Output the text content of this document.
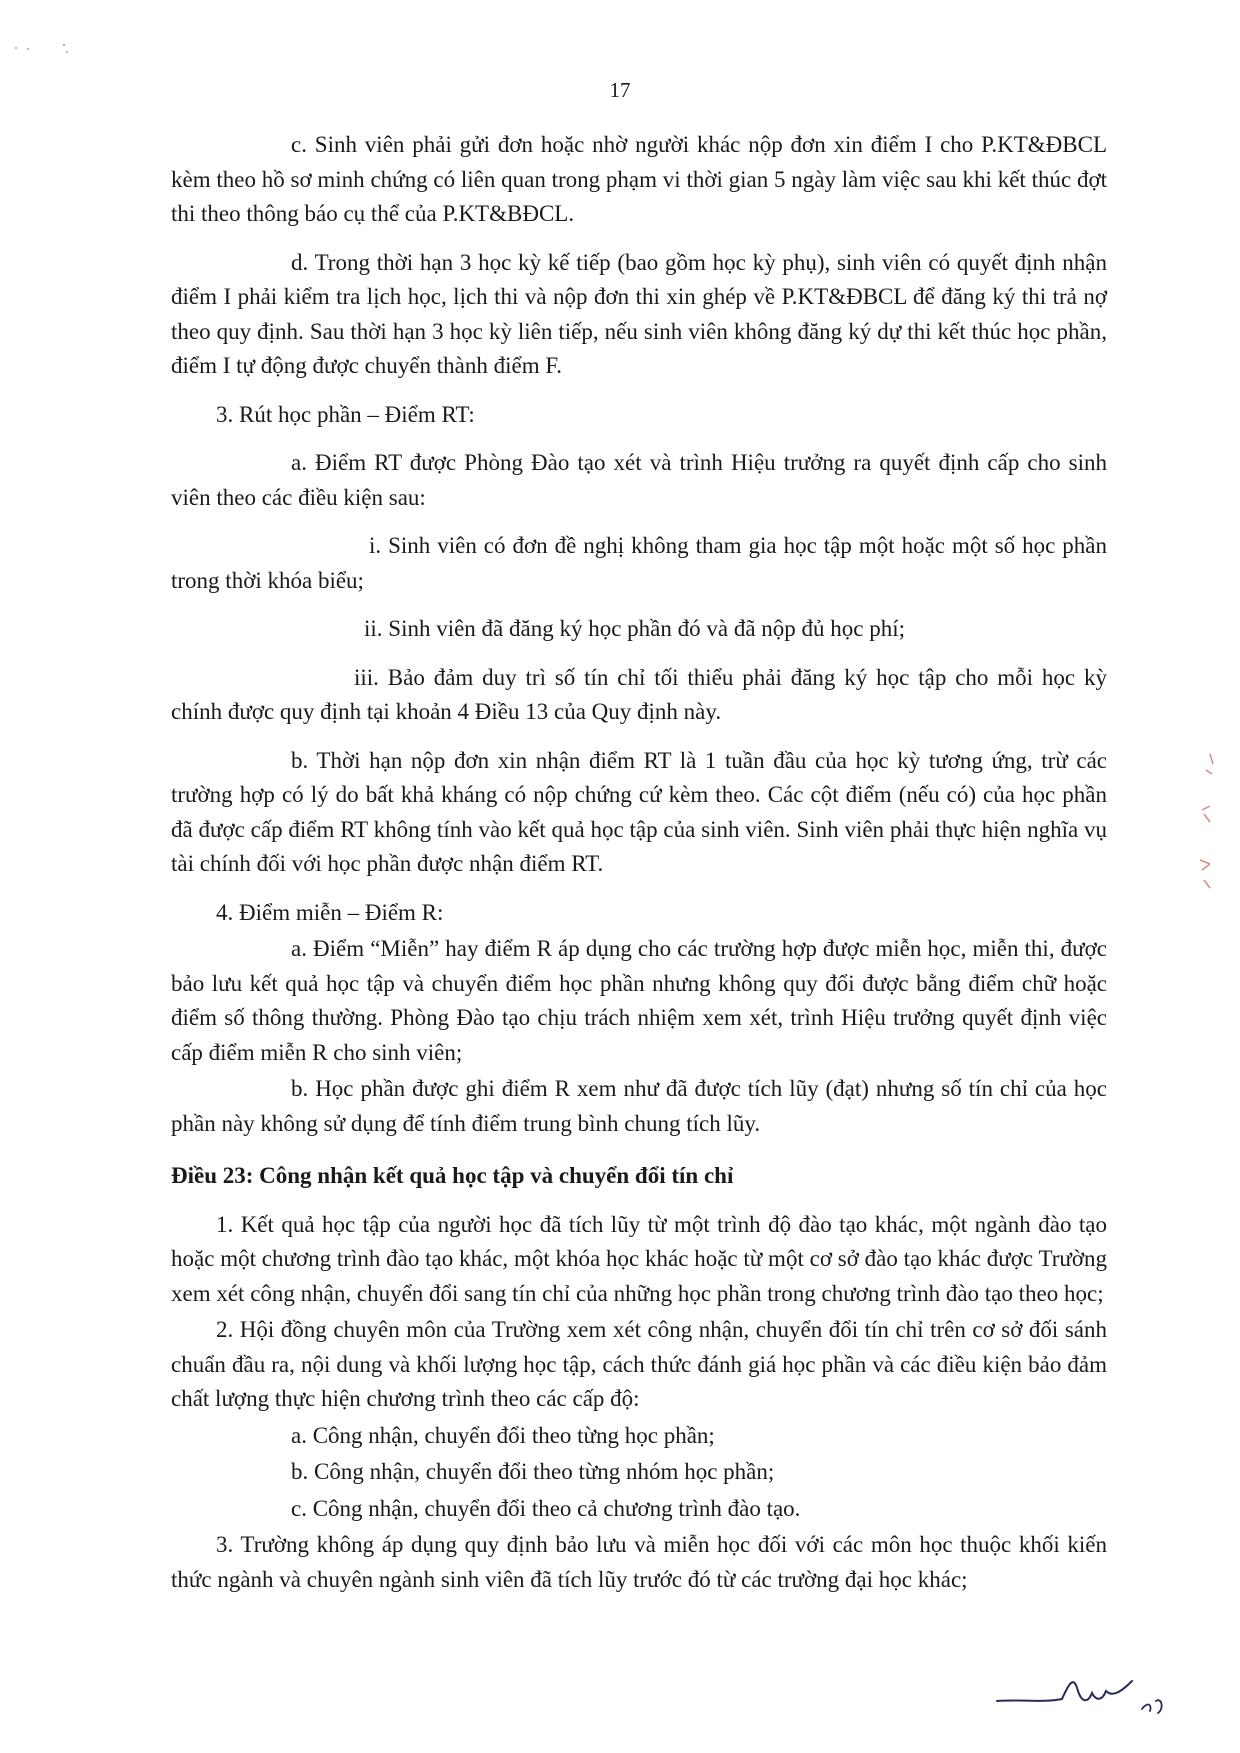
17

c. Sinh viên phải gửi đơn hoặc nhờ người khác nộp đơn xin điểm I cho P.KT&ĐBCL kèm theo hồ sơ minh chứng có liên quan trong phạm vi thời gian 5 ngày làm việc sau khi kết thúc đợt thi theo thông báo cụ thể của P.KT&BĐCL.

d. Trong thời hạn 3 học kỳ kế tiếp (bao gồm học kỳ phụ), sinh viên có quyết định nhận điểm I phải kiểm tra lịch học, lịch thi và nộp đơn thi xin ghép về P.KT&ĐBCL để đăng ký thi trả nợ theo quy định. Sau thời hạn 3 học kỳ liên tiếp, nếu sinh viên không đăng ký dự thi kết thúc học phần, điểm I tự động được chuyển thành điểm F.

3. Rút học phần – Điểm RT:

a. Điểm RT được Phòng Đào tạo xét và trình Hiệu trưởng ra quyết định cấp cho sinh viên theo các điều kiện sau:

i. Sinh viên có đơn đề nghị không tham gia học tập một hoặc một số học phần trong thời khóa biểu;

ii. Sinh viên đã đăng ký học phần đó và đã nộp đủ học phí;

iii. Bảo đảm duy trì số tín chỉ tối thiểu phải đăng ký học tập cho mỗi học kỳ chính được quy định tại khoản 4 Điều 13 của Quy định này.

b. Thời hạn nộp đơn xin nhận điểm RT là 1 tuần đầu của học kỳ tương ứng, trừ các trường hợp có lý do bất khả kháng có nộp chứng cứ kèm theo. Các cột điểm (nếu có) của học phần đã được cấp điểm RT không tính vào kết quả học tập của sinh viên. Sinh viên phải thực hiện nghĩa vụ tài chính đối với học phần được nhận điểm RT.

4. Điểm miễn – Điểm R:

a. Điểm “Miễn” hay điểm R áp dụng cho các trường hợp được miễn học, miễn thi, được bảo lưu kết quả học tập và chuyển điểm học phần nhưng không quy đổi được bằng điểm chữ hoặc điểm số thông thường. Phòng Đào tạo chịu trách nhiệm xem xét, trình Hiệu trưởng quyết định việc cấp điểm miễn R cho sinh viên;

b. Học phần được ghi điểm R xem như đã được tích lũy (đạt) nhưng số tín chỉ của học phần này không sử dụng để tính điểm trung bình chung tích lũy.

Điều 23: Công nhận kết quả học tập và chuyển đổi tín chỉ

1. Kết quả học tập của người học đã tích lũy từ một trình độ đào tạo khác, một ngành đào tạo hoặc một chương trình đào tạo khác, một khóa học khác hoặc từ một cơ sở đào tạo khác được Trường xem xét công nhận, chuyển đổi sang tín chỉ của những học phần trong chương trình đào tạo theo học;

2. Hội đồng chuyên môn của Trường xem xét công nhận, chuyển đổi tín chỉ trên cơ sở đối sánh chuẩn đầu ra, nội dung và khối lượng học tập, cách thức đánh giá học phần và các điều kiện bảo đảm chất lượng thực hiện chương trình theo các cấp độ:

a. Công nhận, chuyển đổi theo từng học phần;

b. Công nhận, chuyển đổi theo từng nhóm học phần;

c. Công nhận, chuyển đổi theo cả chương trình đào tạo.

3. Trường không áp dụng quy định bảo lưu và miễn học đối với các môn học thuộc khối kiến thức ngành và chuyên ngành sinh viên đã tích lũy trước đó từ các trường đại học khác;
